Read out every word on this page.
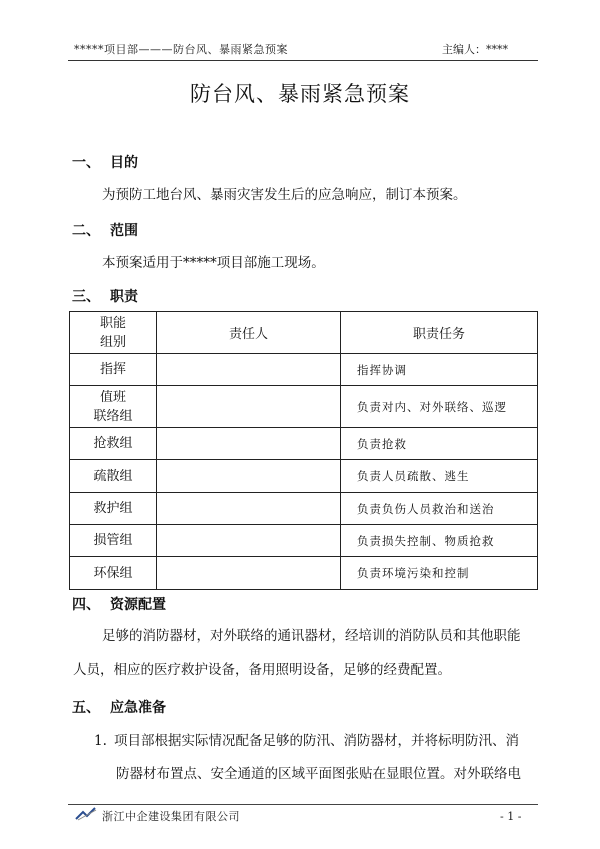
*****项目部———防台风、暴雨紧急预案	主编人：****
防台风、暴雨紧急预案
一、 目的
为预防工地台风、暴雨灾害发生后的应急响应，制订本预案。
二、 范围
本预案适用于*****项目部施工现场。
三、 职责
职能
组别	责任人	职责任务
指挥		指挥协调

值班
联络组		负责对内、对外联络、巡逻
抢救组		负责抢救
疏散组		负责人员疏散、逃生
救护组		负责负伤人员救治和送治
损管组		负责损失控制、物质抢救
环保组		负责环境污染和控制
四、 资源配置
足够的消防器材，对外联络的通讯器材，经培训的消防队员和其他职能
人员，相应的医疗救护设备，备用照明设备，足够的经费配置。
五、 应急准备
1. 项目部根据实际情况配备足够的防汛、消防器材，并将标明防汛、消
防器材布置点、安全通道的区域平面图张贴在显眼位置。对外联络电
浙江中企建设集团有限公司	- 1 -
